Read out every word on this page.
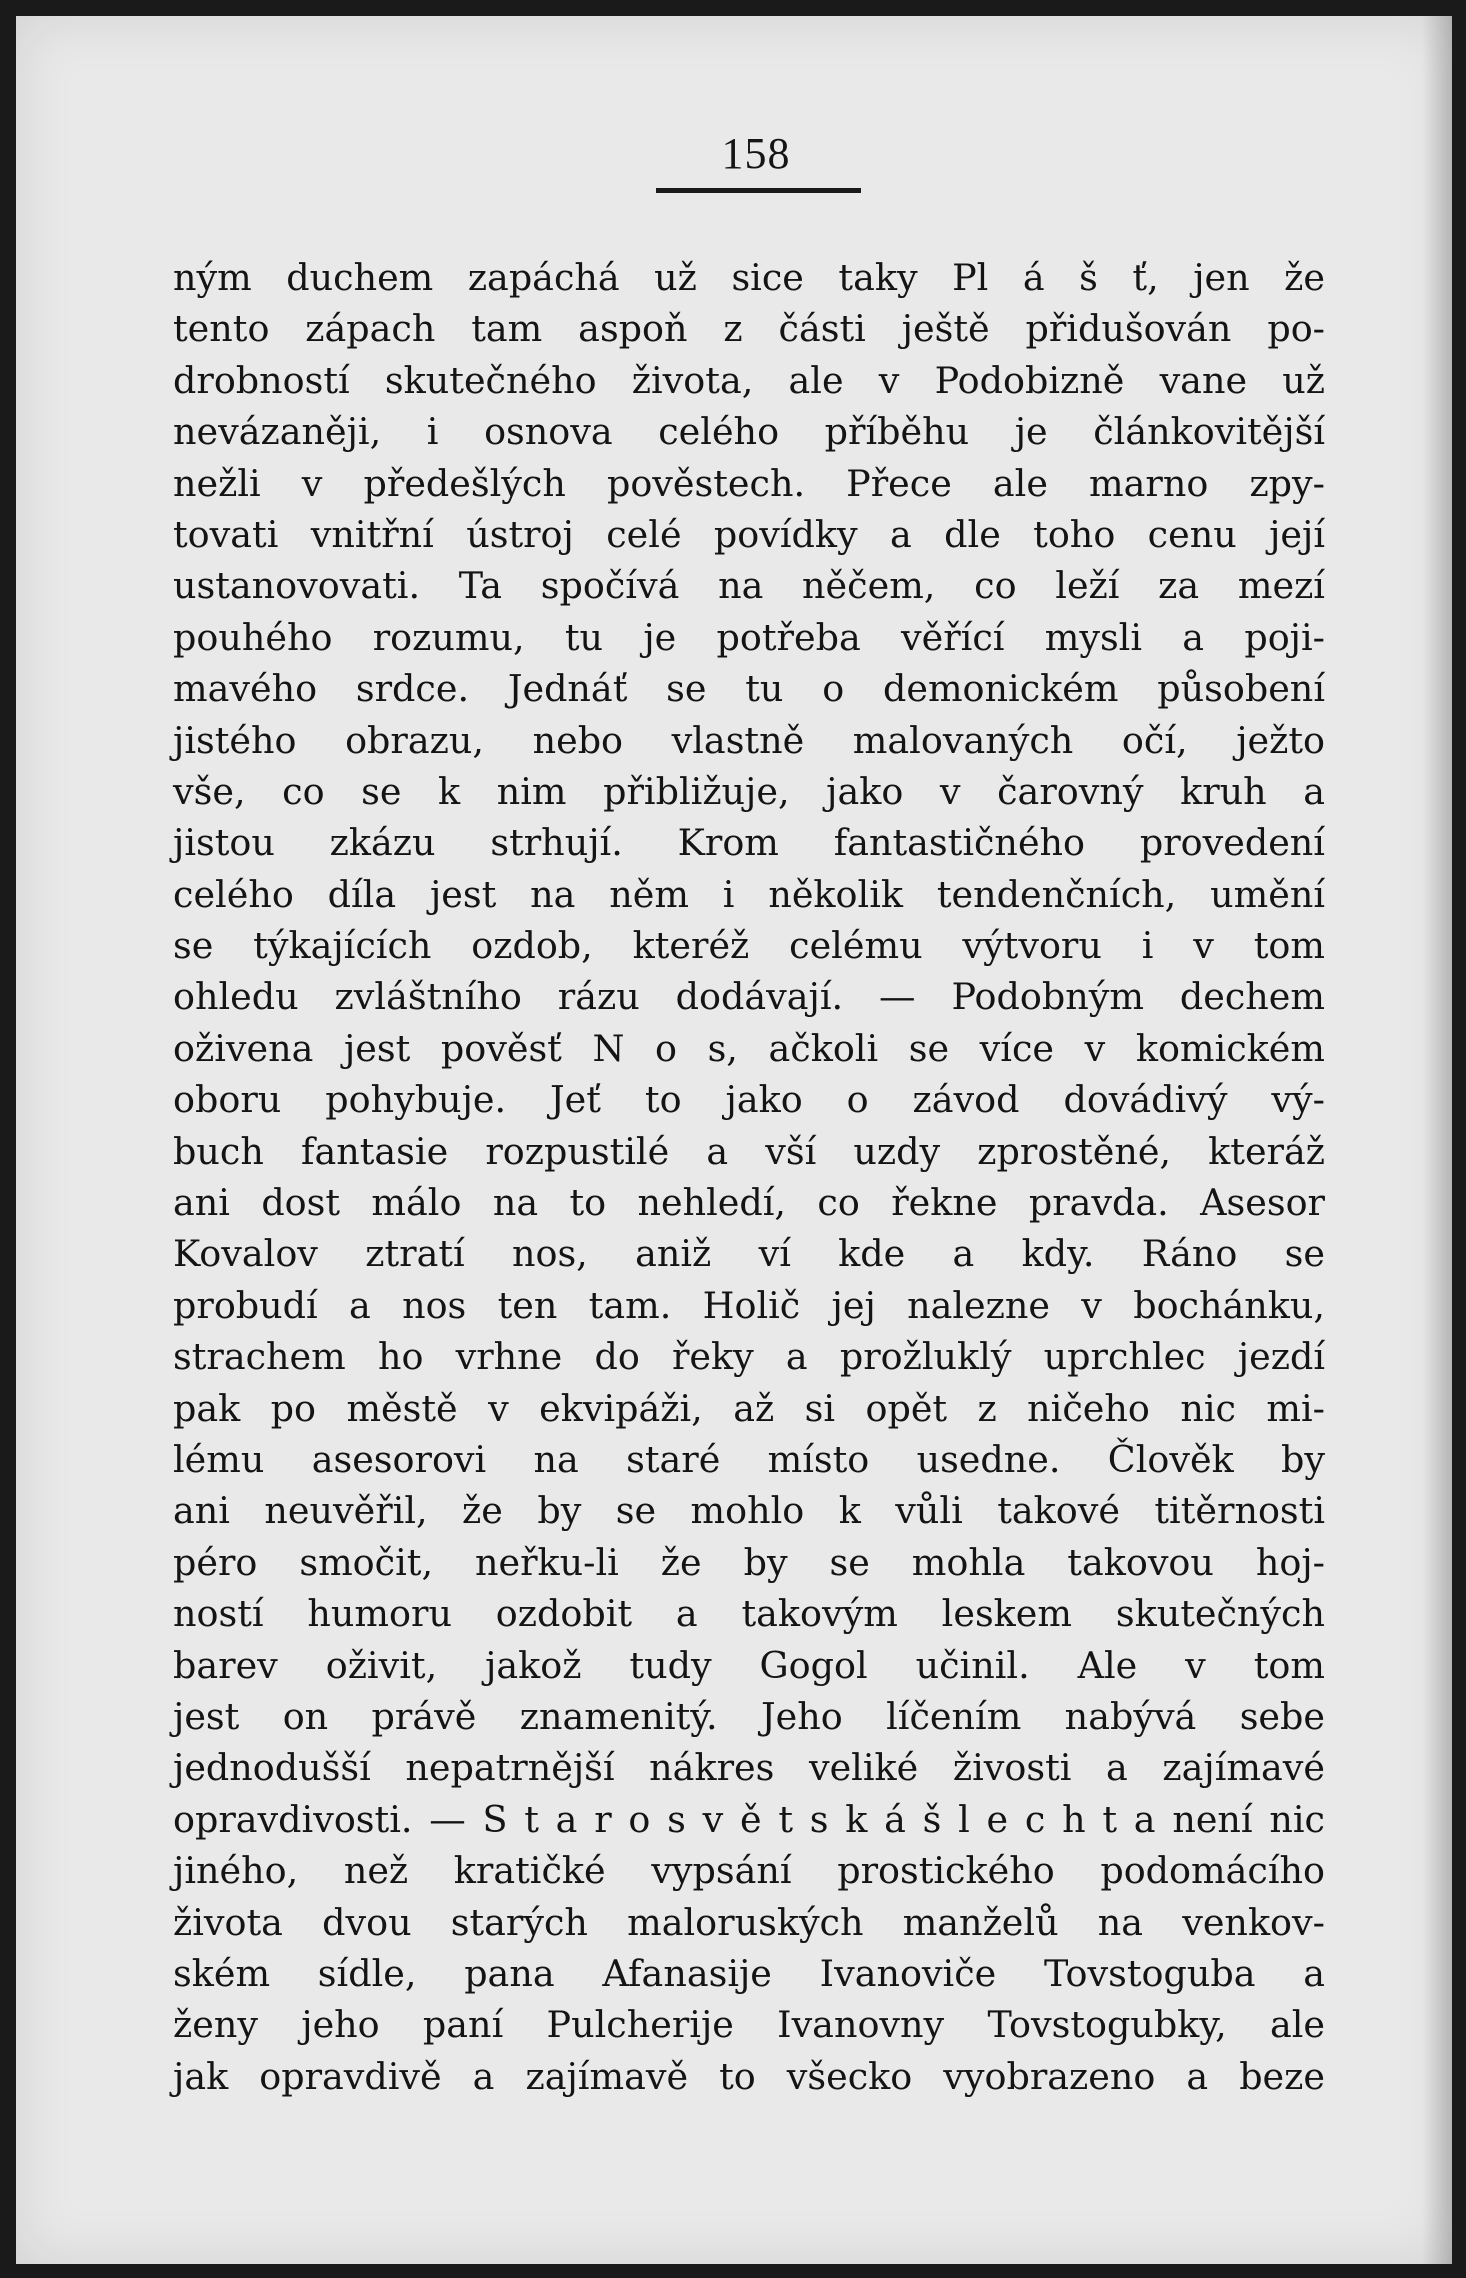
158
ným duchem zapáchá už sice taky Pl á š ť, jen že
tento zápach tam aspoň z části ještě přidušován po-
drobností skutečného života, ale v Podobizně vane už
nevázaněji, i osnova celého příběhu je článkovitější
nežli v předešlých pověstech. Přece ale marno zpy-
tovati vnitřní ústroj celé povídky a dle toho cenu její
ustanovovati. Ta spočívá na něčem, co leží za mezí
pouhého rozumu, tu je potřeba věřící mysli a poji-
mavého srdce. Jednáť se tu o demonickém působení
jistého obrazu, nebo vlastně malovaných očí, ježto
vše, co se k nim přibližuje, jako v čarovný kruh a
jistou zkázu strhují. Krom fantastičného provedení
celého díla jest na něm i několik tendenčních, umění
se týkajících ozdob, kteréž celému výtvoru i v tom
ohledu zvláštního rázu dodávají. — Podobným dechem
oživena jest pověsť N o s, ačkoli se více v komickém
oboru pohybuje. Jeť to jako o závod dovádivý vý-
buch fantasie rozpustilé a vší uzdy zprostěné, kteráž
ani dost málo na to nehledí, co řekne pravda. Asesor
Kovalov ztratí nos, aniž ví kde a kdy. Ráno se
probudí a nos ten tam. Holič jej nalezne v bochánku,
strachem ho vrhne do řeky a prožluklý uprchlec jezdí
pak po městě v ekvipáži, až si opět z ničeho nic mi-
lému asesorovi na staré místo usedne. Člověk by
ani neuvěřil, že by se mohlo k vůli takové titěrnosti
péro smočit, neřku-li že by se mohla takovou hoj-
ností humoru ozdobit a takovým leskem skutečných
barev oživit, jakož tudy Gogol učinil. Ale v tom
jest on právě znamenitý. Jeho líčením nabývá sebe
jednodušší nepatrnější nákres veliké živosti a zajímavé
opravdivosti. — S t a r o s v ě t s k á š l e c h t a není nic
jiného, než kratičké vypsání prostického podomácího
života dvou starých maloruských manželů na venkov-
ském sídle, pana Afanasije Ivanoviče Tovstoguba a
ženy jeho paní Pulcherije Ivanovny Tovstogubky, ale
jak opravdivě a zajímavě to všecko vyobrazeno a beze
